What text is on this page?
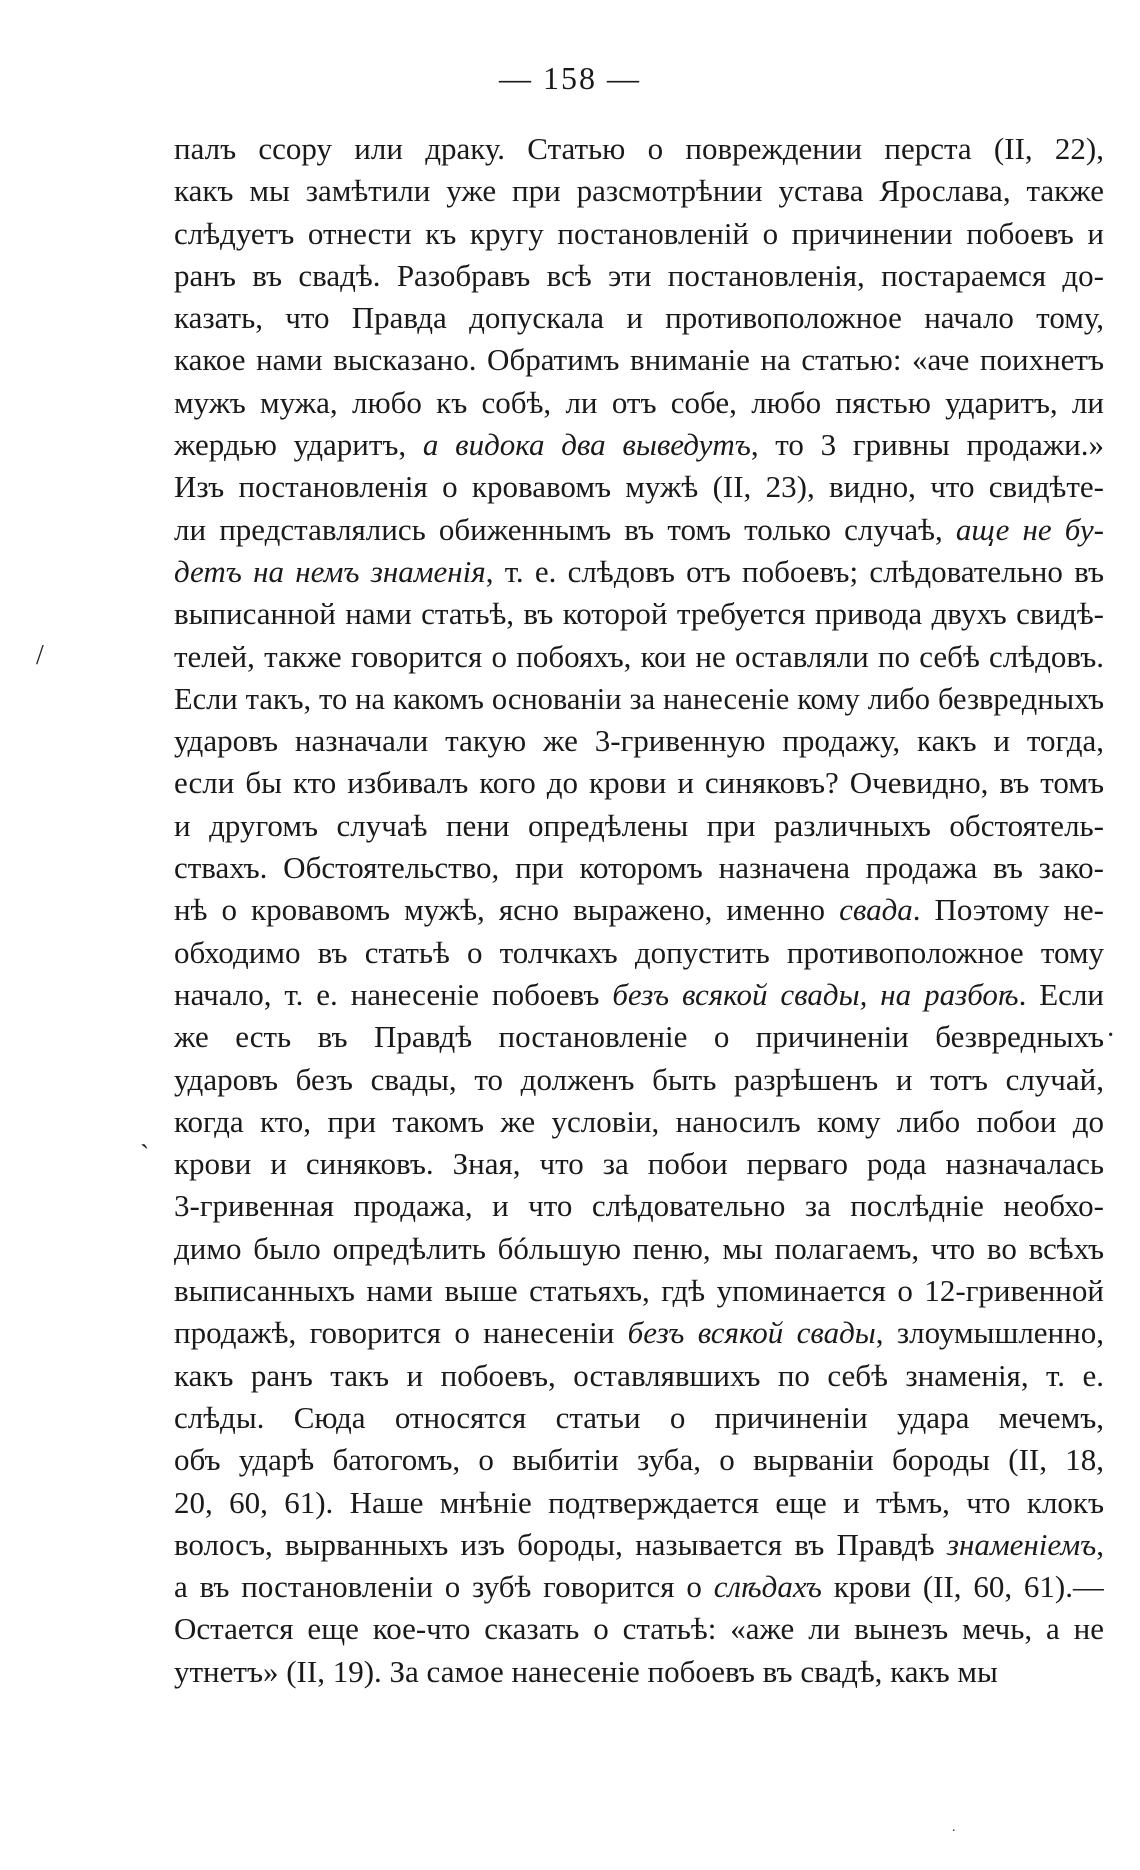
— 158 —
/
`
·
.
палъ ссору или драку. Статью о повреждении перста (II, 22),
какъ мы замѣтили уже при разсмотрѣнии устава Ярослава, также
слѣдуетъ отнести къ кругу постановленiй о причинении побоевъ и
ранъ въ свадѣ. Разобравъ всѣ эти постановленія, постараемся до-
казать, что Правда допускала и противоположное начало тому,
какое нами высказано. Обратимъ вниманіе на статью: «аче поихнетъ
мужъ мужа, любо къ собѣ, ли отъ собе, любо пястью ударитъ, ли
жердью ударитъ, а видока два выведутъ, то 3 гривны продажи.»
Изъ постановленія о кровавомъ мужѣ (II, 23), видно, что свидѣте-
ли представлялись обиженнымъ въ томъ только случаѣ, аще не бу-
детъ на немъ знаменія, т. е. слѣдовъ отъ побоевъ; слѣдовательно въ
выписанной нами статьѣ, въ которой требуется привода двухъ свидѣ-
телей, также говорится о побояхъ, кои не оставляли по себѣ слѣдовъ.
Если такъ, то на какомъ основаніи за нанесеніе кому либо безвредныхъ
ударовъ назначали такую же 3-гривенную продажу, какъ и тогда,
если бы кто избивалъ кого до крови и синяковъ? Очевидно, въ томъ
и другомъ случаѣ пени опредѣлены при различныхъ обстоятель-
ствахъ. Обстоятельство, при которомъ назначена продажа въ зако-
нѣ о кровавомъ мужѣ, ясно выражено, именно свада. Поэтому не-
обходимо въ статьѣ о толчкахъ допустить противоположное тому
начало, т. е. нанесеніе побоевъ безъ всякой свады, на разбоѣ. Если
же есть въ Правдѣ постановленіе о причиненіи безвредныхъ
ударовъ безъ свады, то долженъ быть разрѣшенъ и тотъ случай,
когда кто, при такомъ же условіи, наносилъ кому либо побои до
крови и синяковъ. Зная, что за побои перваго рода назначалась
3-гривенная продажа, и что слѣдовательно за послѣдніе необхо-
димо было опредѣлить бóльшую пеню, мы полагаемъ, что во всѣхъ
выписанныхъ нами выше статьяхъ, гдѣ упоминается о 12-гривенной
продажѣ, говорится о нанесеніи безъ всякой свады, злоумышленно,
какъ ранъ такъ и побоевъ, оставлявшихъ по себѣ знаменія, т. е.
слѣды. Сюда относятся статьи о причиненіи удара мечемъ,
объ ударѣ батогомъ, о выбитіи зуба, о вырваніи бороды (II, 18,
20, 60, 61). Наше мнѣніе подтверждается еще и тѣмъ, что клокъ
волосъ, вырванныхъ изъ бороды, называется въ Правдѣ знаменіемъ,
а въ постановленіи о зубѣ говорится о слѣдахъ крови (II, 60, 61).—
Остается еще кое-что сказать о статьѣ: «аже ли вынезъ мечь, а не
утнетъ» (II, 19). За самое нанесеніе побоевъ въ свадѣ, какъ мы
